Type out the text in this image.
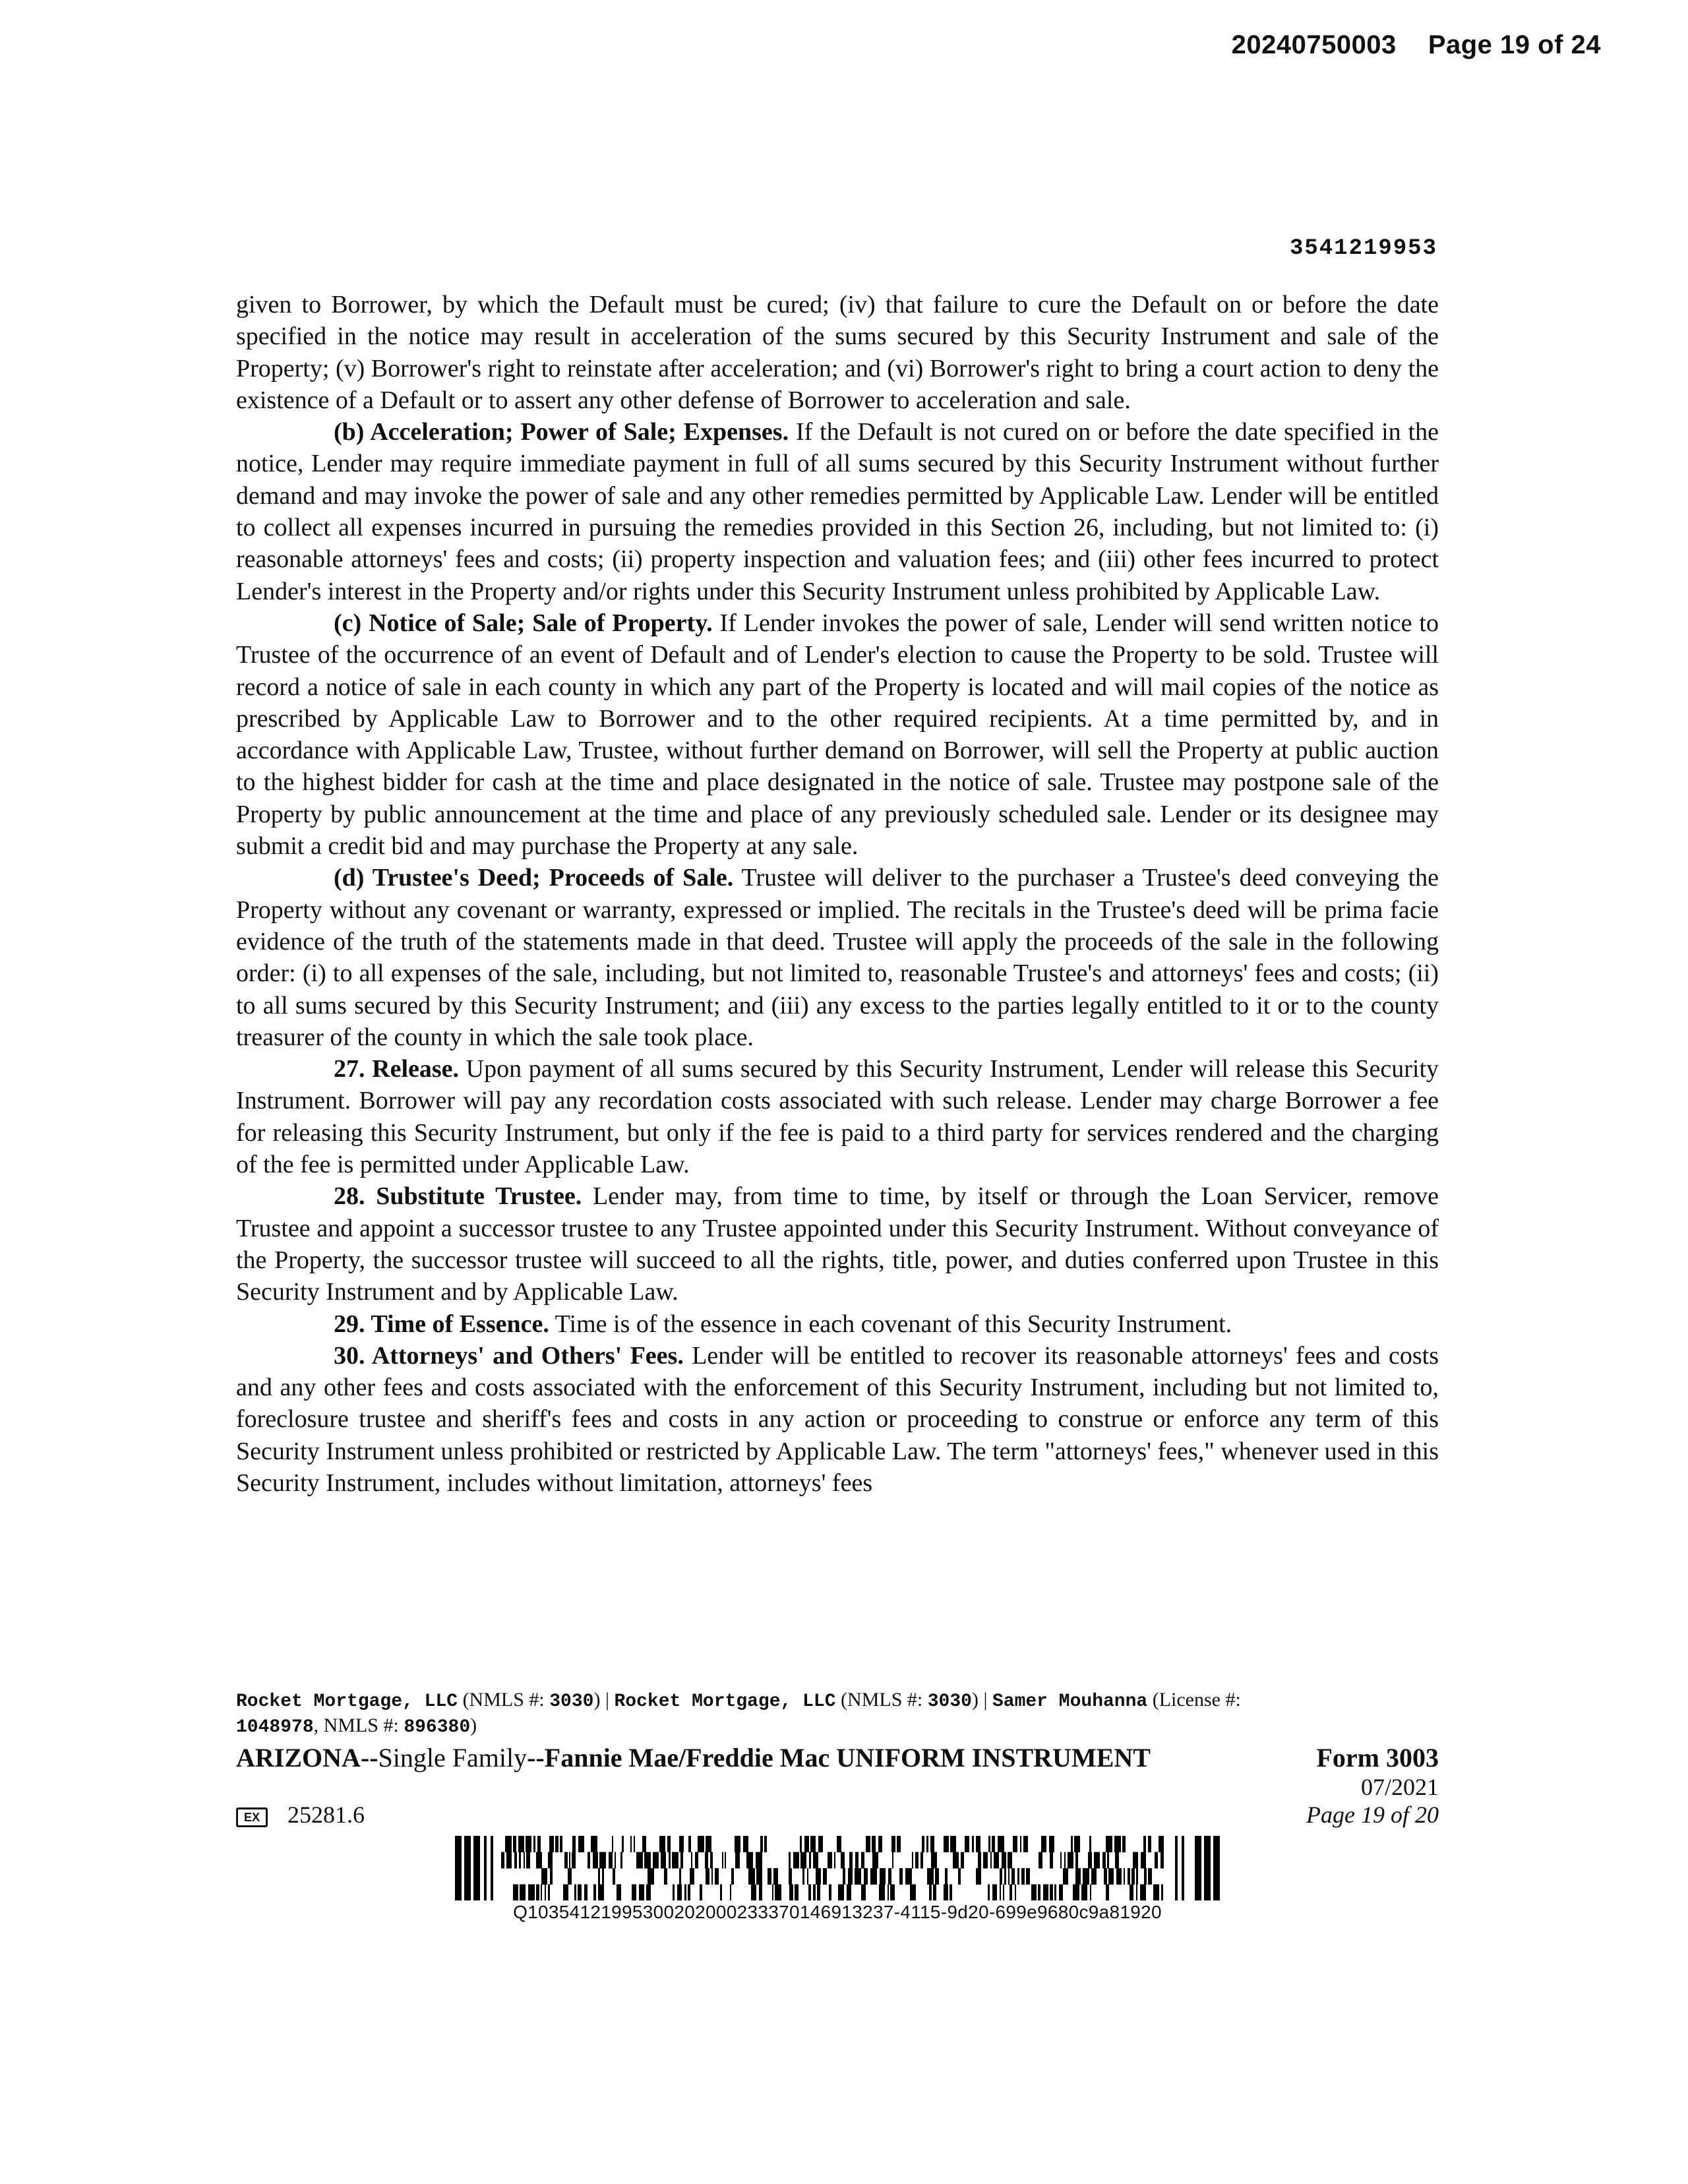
20240750003 Page 19 of 24
3541219953

given to Borrower, by which the Default must be cured; (iv) that failure to cure the Default on or before the date specified in the notice may result in acceleration of the sums secured by this Security Instrument and sale of the Property; (v) Borrower's right to reinstate after acceleration; and (vi) Borrower's right to bring a court action to deny the existence of a Default or to assert any other defense of Borrower to acceleration and sale.

(b) Acceleration; Power of Sale; Expenses. If the Default is not cured on or before the date specified in the notice, Lender may require immediate payment in full of all sums secured by this Security Instrument without further demand and may invoke the power of sale and any other remedies permitted by Applicable Law. Lender will be entitled to collect all expenses incurred in pursuing the remedies provided in this Section 26, including, but not limited to: (i) reasonable attorneys' fees and costs; (ii) property inspection and valuation fees; and (iii) other fees incurred to protect Lender's interest in the Property and/or rights under this Security Instrument unless prohibited by Applicable Law.

(c) Notice of Sale; Sale of Property. If Lender invokes the power of sale, Lender will send written notice to Trustee of the occurrence of an event of Default and of Lender's election to cause the Property to be sold. Trustee will record a notice of sale in each county in which any part of the Property is located and will mail copies of the notice as prescribed by Applicable Law to Borrower and to the other required recipients. At a time permitted by, and in accordance with Applicable Law, Trustee, without further demand on Borrower, will sell the Property at public auction to the highest bidder for cash at the time and place designated in the notice of sale. Trustee may postpone sale of the Property by public announcement at the time and place of any previously scheduled sale. Lender or its designee may submit a credit bid and may purchase the Property at any sale.

(d) Trustee's Deed; Proceeds of Sale. Trustee will deliver to the purchaser a Trustee's deed conveying the Property without any covenant or warranty, expressed or implied. The recitals in the Trustee's deed will be prima facie evidence of the truth of the statements made in that deed. Trustee will apply the proceeds of the sale in the following order: (i) to all expenses of the sale, including, but not limited to, reasonable Trustee's and attorneys' fees and costs; (ii) to all sums secured by this Security Instrument; and (iii) any excess to the parties legally entitled to it or to the county treasurer of the county in which the sale took place.

27. Release. Upon payment of all sums secured by this Security Instrument, Lender will release this Security Instrument. Borrower will pay any recordation costs associated with such release. Lender may charge Borrower a fee for releasing this Security Instrument, but only if the fee is paid to a third party for services rendered and the charging of the fee is permitted under Applicable Law.

28. Substitute Trustee. Lender may, from time to time, by itself or through the Loan Servicer, remove Trustee and appoint a successor trustee to any Trustee appointed under this Security Instrument. Without conveyance of the Property, the successor trustee will succeed to all the rights, title, power, and duties conferred upon Trustee in this Security Instrument and by Applicable Law.

29. Time of Essence. Time is of the essence in each covenant of this Security Instrument.

30. Attorneys' and Others' Fees. Lender will be entitled to recover its reasonable attorneys' fees and costs and any other fees and costs associated with the enforcement of this Security Instrument, including but not limited to, foreclosure trustee and sheriff's fees and costs in any action or proceeding to construe or enforce any term of this Security Instrument unless prohibited or restricted by Applicable Law. The term "attorneys' fees," whenever used in this Security Instrument, includes without limitation, attorneys' fees

Rocket Mortgage, LLC (NMLS #: 3030) | Rocket Mortgage, LLC (NMLS #: 3030) | Samer Mouhanna (License #:
1048978, NMLS #: 896380)
ARIZONA--Single Family--Fannie Mae/Freddie Mac UNIFORM INSTRUMENT	Form 3003
07/2021
EX 25281.6	Page 19 of 20
Q10354121995300202000233370146913237-4115-9d20-699e9680c9a81920
